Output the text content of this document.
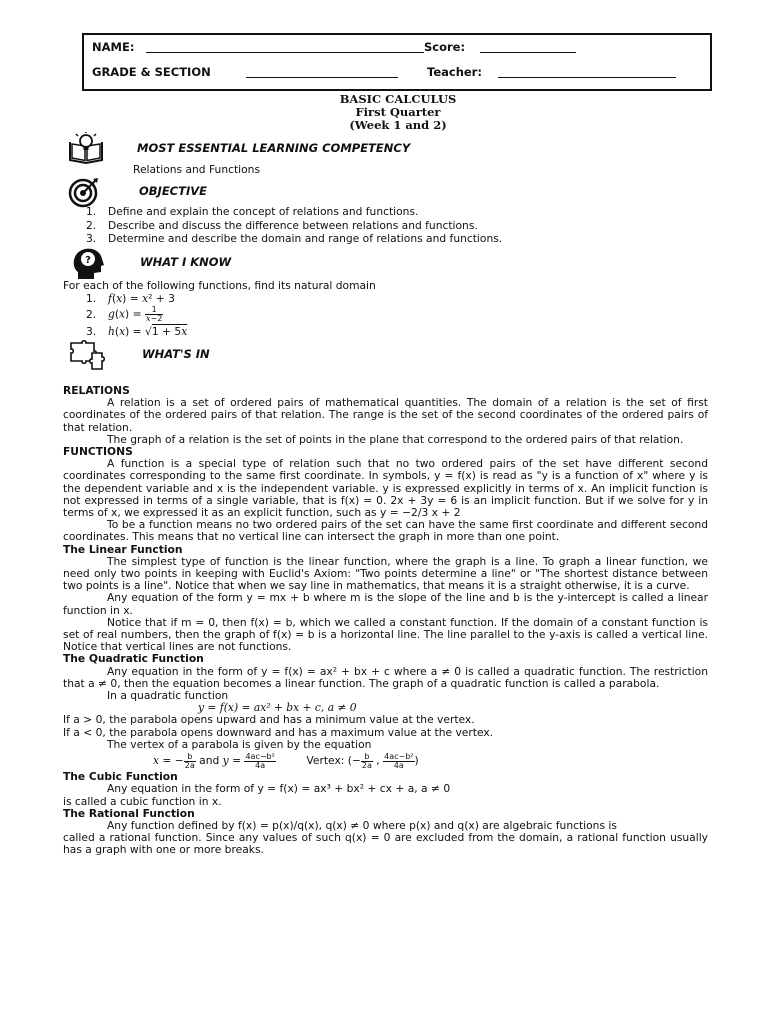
NAME:	Score:
GRADE & SECTION	Teacher:
BASIC CALCULUS
First Quarter
(Week 1 and 2)
MOST ESSENTIAL LEARNING COMPETENCY
Relations and Functions
OBJECTIVE
1. Define and explain the concept of relations and functions.
2. Describe and discuss the difference between relations and functions.
3. Determine and describe the domain and range of relations and functions.
?	WHAT I KNOW
For each of the following functions, find its natural domain
1. f(x) = x² + 3
2. $g(x) = \frac{1}{x-2}$
3. h(x) = √1 + 5x
WHAT'S IN

RELATIONS

A relation is a set of ordered pairs of mathematical quantities. The domain of a relation is the set of first coordinates of the ordered pairs of that relation. The range is the set of the second coordinates of the ordered pairs of that relation.

The graph of a relation is the set of points in the plane that correspond to the ordered pairs of that relation.

FUNCTIONS

A function is a special type of relation such that no two ordered pairs of the set have different second coordinates corresponding to the same first coordinate. In symbols, y = f(x) is read as "y is a function of x" where y is the dependent variable and x is the independent variable. y is expressed explicitly in terms of x. An implicit function is not expressed in terms of a single variable, that is f(x) = 0. 2x + 3y = 6 is an implicit function. But if we solve for y in terms of x, we expressed it as an explicit function, such as y = −2/3 x + 2

To be a function means no two ordered pairs of the set can have the same first coordinate and different second coordinates. This means that no vertical line can intersect the graph in more than one point.

The Linear Function

The simplest type of function is the linear function, where the graph is a line. To graph a linear function, we need only two points in keeping with Euclid's Axiom: "Two points determine a line" or "The shortest distance between two points is a line". Notice that when we say line in mathematics, that means it is a straight otherwise, it is a curve.

Any equation of the form y = mx + b where m is the slope of the line and b is the y-intercept is called a linear function in x.

Notice that if m = 0, then f(x) = b, which we called a constant function. If the domain of a constant function is set of real numbers, then the graph of f(x) = b is a horizontal line. The line parallel to the y-axis is called a vertical line. Notice that vertical lines are not functions.

The Quadratic Function

Any equation in the form of y = f(x) = ax² + bx + c where a ≠ 0 is called a quadratic function. The restriction that a ≠ 0, then the equation becomes a linear function. The graph of a quadratic function is called a parabola.

In a quadratic function

y = f(x) = ax² + bx + c, a ≠ 0

If a > 0, the parabola opens upward and has a minimum value at the vertex.

If a < 0, the parabola opens downward and has a maximum value at the vertex.

The vertex of a parabola is given by the equation

x = − $\frac{b}{2a}$ and $y = \frac{\text{4ac−b²}}{4a}$	Vertex: (− $\frac{b}{2a}$ , $\frac{\text{4ac−b²}}{4a}$ )

The Cubic Function

Any equation in the form of y = f(x) = ax³ + bx² + cx + a, a ≠ 0

is called a cubic function in x.

The Rational Function

Any function defined by f(x) = p(x)/q(x), q(x) ≠ 0 where p(x) and q(x) are algebraic functions is

called a rational function. Since any values of such q(x) = 0 are excluded from the domain, a rational function usually has a graph with one or more breaks.
